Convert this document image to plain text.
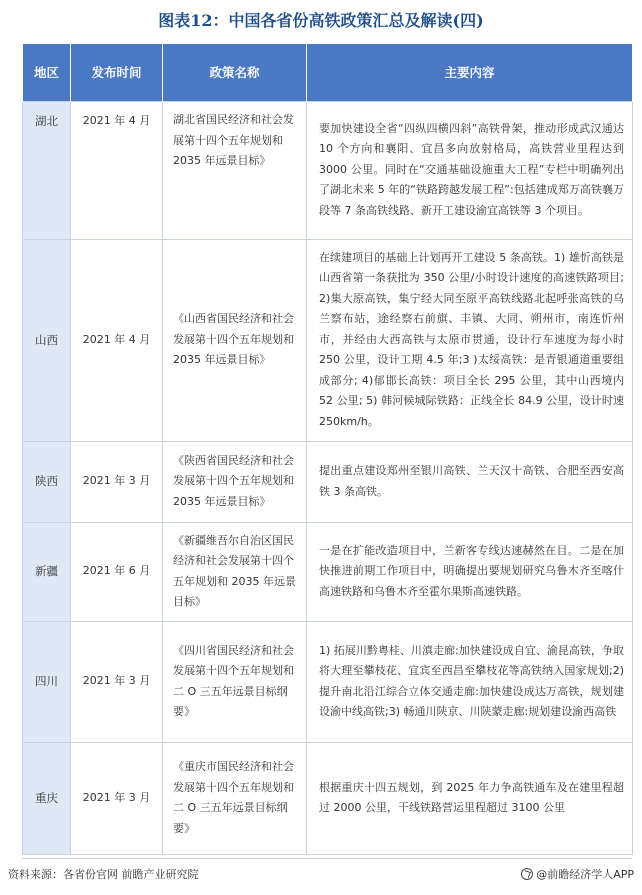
图表12：中国各省份高铁政策汇总及解读(四)
地区	发布时间	政策名称	主要内容
湖北	2021 年 4 月	湖北省国民经济和社会发展第十四个五年规划和 2035 年远景目标》	要加快建设全省“四纵四横四斜”高铁骨架，推动形成武汉通达 10 个方向和襄阳、宜昌多向放射格局，高铁营业里程达到 3000 公里。同时在“交通基础设施重大工程”专栏中明确列出了湖北未来 5 年的“铁路跨越发展工程”:包括建成郑万高铁襄万段等 7 条高铁线路、新开工建设渝宜高铁等 3 个项目。
山西	2021 年 4 月	《山西省国民经济和社会发展第十四个五年规划和 2035 年远景目标》	在续建项目的基础上计划再开工建设 5 条高铁。1) 雄忻高铁是山西省第一条获批为 350 公里/小时设计速度的高速铁路项目; 2)集大原高铁，集宁经大同至原平高铁线路北起呼张高铁的乌兰察布站，途经察右前旗、丰镇、大同、朔州市，南连忻州市，并经由大西高铁与太原市贯通，设计行车速度为每小时 250 公里，设计工期 4.5 年;3 )太绥高铁：是青银通道重要组成部分; 4)郁邯长高铁：项目全长 295 公里，其中山西境内 52 公里; 5) 韩河候城际铁路：正线全长 84.9 公里，设计时速 250km/h。
陕西	2021 年 3 月	《陕西省国民经济和社会发展第十四个五年规划和 2035 年远景目标》	提出重点建设郑州至银川高铁、兰天汉十高铁、合肥至西安高铁 3 条高铁。
新疆	2021 年 6 月	《新疆维吾尔自治区国民经济和社会发展第十四个五年规划和 2035 年远景目标》	一是在扩能改造项目中，兰新客专线达速赫然在目。二是在加快推进前期工作项目中，明确提出要规划研究乌鲁木齐至喀什高速铁路和乌鲁木齐至霍尔果斯高速铁路。
四川	2021 年 3 月	《四川省国民经济和社会发展第十四个五年规划和二 O 三五年远景目标纲要》	1) 拓展川黔粤桂、川滇走廊:加快建设成自宜、渝昆高铁，争取将大理至攀枝花、宜宾至西昌至攀枝花等高铁纳入国家规划;2) 提升南北沿江综合立体交通走廊:加快建设成达万高铁，规划建设渝中线高铁;3) 畅通川陕京、川陕蒙走廊:规划建设渝西高铁
重庆	2021 年 3 月	《重庆市国民经济和社会发展第十四个五年规划和二 O 三五年远景目标纲要》	根据重庆十四五规划，到 2025 年力争高铁通车及在建里程超过 2000 公里，干线铁路营运里程超过 3100 公里
资料来源：各省份官网 前瞻产业研究院	@前瞻经济学人APP
